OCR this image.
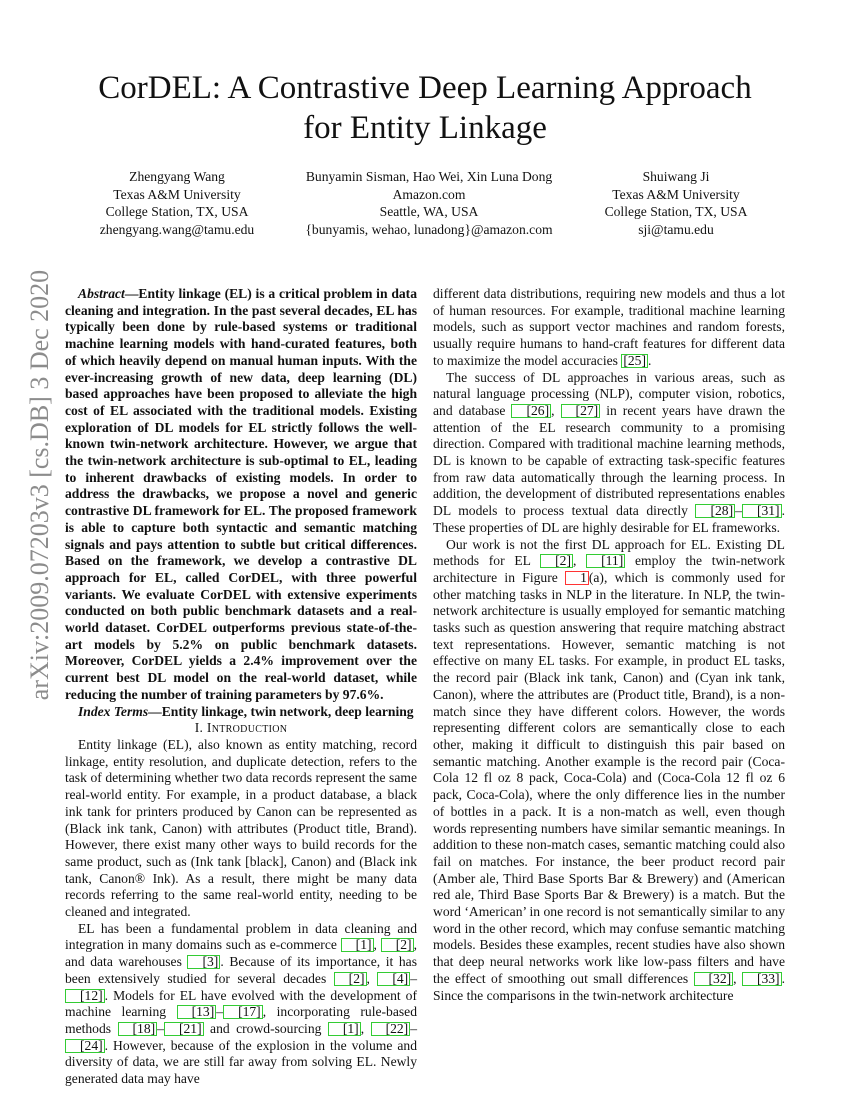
CorDEL: A Contrastive Deep Learning Approach
for Entity Linkage
Zhengyang Wang
Texas A&M University
College Station, TX, USA
zhengyang.wang@tamu.edu
Bunyamin Sisman, Hao Wei, Xin Luna Dong
Amazon.com
Seattle, WA, USA
{bunyamis, wehao, lunadong}@amazon.com
Shuiwang Ji
Texas A&M University
College Station, TX, USA
sji@tamu.edu
arXiv:2009.07203v3 [cs.DB] 3 Dec 2020	Abstract—Entity linkage (EL) is a critical problem in data cleaning and integration. In the past several decades, EL has typically been done by rule-based systems or traditional machine learning models with hand-curated features, both of which heavily depend on manual human inputs. With the ever-increasing growth of new data, deep learning (DL) based approaches have been proposed to alleviate the high cost of EL associated with the traditional models. Existing exploration of DL models for EL strictly follows the well-known twin-network architecture. However, we argue that the twin-network architecture is sub-optimal to EL, leading to inherent drawbacks of existing models. In order to address the drawbacks, we propose a novel and generic contrastive DL framework for EL. The proposed framework is able to capture both syntactic and semantic matching signals and pays attention to subtle but critical differences. Based on the framework, we develop a contrastive DL approach for EL, called CorDEL, with three powerful variants. We evaluate CorDEL with extensive experiments conducted on both public benchmark datasets and a real-world dataset. CorDEL outperforms previous state-of-the-art models by 5.2% on public benchmark datasets. Moreover, CorDEL yields a 2.4% improvement over the current best DL model on the real-world dataset, while reducing the number of training parameters by 97.6%.

Index Terms—Entity linkage, twin network, deep learning

I. Introduction

Entity linkage (EL), also known as entity matching, record linkage, entity resolution, and duplicate detection, refers to the task of determining whether two data records represent the same real-world entity. For example, in a product database, a black ink tank for printers produced by Canon can be represented as (Black ink tank, Canon) with attributes (Product title, Brand). However, there exist many other ways to build records for the same product, such as (Ink tank [black], Canon) and (Black ink tank, Canon® Ink). As a result, there might be many data records referring to the same real-world entity, needing to be cleaned and integrated.

EL has been a fundamental problem in data cleaning and integration in many domains such as e-commerce [1] , [2] , and data warehouses [3] . Because of its importance, it has been extensively studied for several decades [2] , [4] –[12] . Models for EL have evolved with the development of machine learning [13] – [17] , incorporating rule-based methods [18] – [21] and crowd-sourcing [1] , [22] –[24] . However, because of the explosion in the volume and diversity of data, we are still far away from solving EL. Newly generated data may have

different data distributions, requiring new models and thus a lot of human resources. For example, traditional machine learning models, such as support vector machines and random forests, usually require humans to hand-craft features for different data to maximize the model accuracies [25] .

The success of DL approaches in various areas, such as natural language processing (NLP), computer vision, robotics, and database [26] , [27] in recent years have drawn the attention of the EL research community to a promising direction. Compared with traditional machine learning methods, DL is known to be capable of extracting task-specific features from raw data automatically through the learning process. In addition, the development of distributed representations enables DL models to process textual data directly [28] – [31] . These properties of DL are highly desirable for EL frameworks.

Our work is not the first DL approach for EL. Existing DL methods for EL [2] , [11] employ the twin-network architecture in Figure 1 (a), which is commonly used for other matching tasks in NLP in the literature. In NLP, the twin-network architecture is usually employed for semantic matching tasks such as question answering that require matching abstract text representations. However, semantic matching is not effective on many EL tasks. For example, in product EL tasks, the record pair (Black ink tank, Canon) and (Cyan ink tank, Canon), where the attributes are (Product title, Brand), is a non-match since they have different colors. However, the words representing different colors are semantically close to each other, making it difficult to distinguish this pair based on semantic matching. Another example is the record pair (Coca-Cola 12 fl oz 8 pack, Coca-Cola) and (Coca-Cola 12 fl oz 6 pack, Coca-Cola), where the only difference lies in the number of bottles in a pack. It is a non-match as well, even though words representing numbers have similar semantic meanings. In addition to these non-match cases, semantic matching could also fail on matches. For instance, the beer product record pair (Amber ale, Third Base Sports Bar & Brewery) and (American red ale, Third Base Sports Bar & Brewery) is a match. But the word ‘American’ in one record is not semantically similar to any word in the other record, which may confuse semantic matching models. Besides these examples, recent studies have also shown that deep neural networks work like low-pass filters and have the effect of smoothing out small differences [32] , [33] . Since the comparisons in the twin-network architecture
